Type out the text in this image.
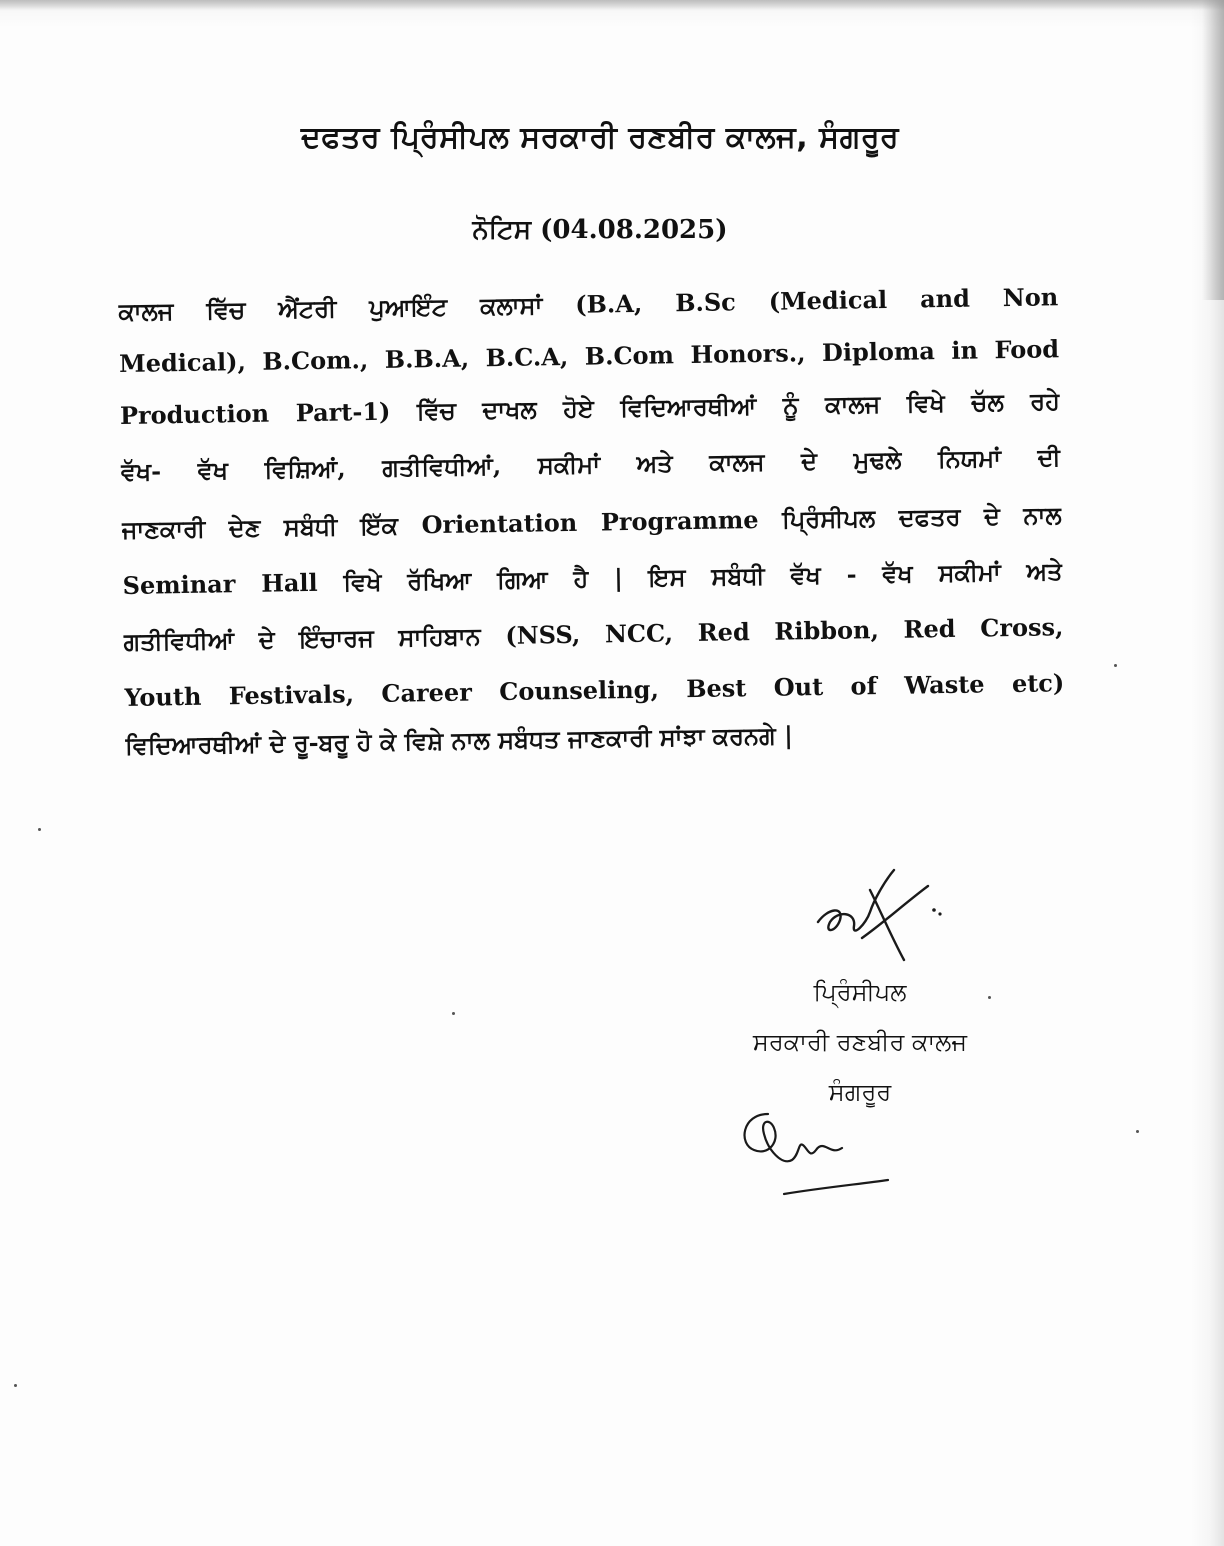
ਦਫਤਰ ਪ੍ਰਿੰਸੀਪਲ ਸਰਕਾਰੀ ਰਣਬੀਰ ਕਾਲਜ, ਸੰਗਰੂਰ
ਨੋਟਿਸ (04.08.2025)
ਕਾਲਜ ਵਿੱਚ ਐਂਟਰੀ ਪੁਆਇੰਟ ਕਲਾਸਾਂ (B.A, B.Sc (Medical and Non
Medical), B.Com., B.B.A, B.C.A, B.Com Honors., Diploma in Food
Production Part-1) ਵਿੱਚ ਦਾਖਲ ਹੋਏ ਵਿਦਿਆਰਥੀਆਂ ਨੂੰ ਕਾਲਜ ਵਿਖੇ ਚੱਲ ਰਹੇ
ਵੱਖ- ਵੱਖ ਵਿਸ਼ਿਆਂ, ਗਤੀਵਿਧੀਆਂ, ਸਕੀਮਾਂ ਅਤੇ ਕਾਲਜ ਦੇ ਮੁਢਲੇ ਨਿਯਮਾਂ ਦੀ
ਜਾਣਕਾਰੀ ਦੇਣ ਸਬੰਧੀ ਇੱਕ Orientation Programme ਪ੍ਰਿੰਸੀਪਲ ਦਫਤਰ ਦੇ ਨਾਲ
Seminar Hall ਵਿਖੇ ਰੱਖਿਆ ਗਿਆ ਹੈ | ਇਸ ਸਬੰਧੀ ਵੱਖ - ਵੱਖ ਸਕੀਮਾਂ ਅਤੇ
ਗਤੀਵਿਧੀਆਂ ਦੇ ਇੰਚਾਰਜ ਸਾਹਿਬਾਨ (NSS, NCC, Red Ribbon, Red Cross,
Youth Festivals, Career Counseling, Best Out of Waste etc)
ਵਿਦਿਆਰਥੀਆਂ ਦੇ ਰੂ-ਬਰੂ ਹੋ ਕੇ ਵਿਸ਼ੇ ਨਾਲ ਸਬੰਧਤ ਜਾਣਕਾਰੀ ਸਾਂਝਾ ਕਰਨਗੇ |
ਪ੍ਰਿੰਸੀਪਲ
ਸਰਕਾਰੀ ਰਣਬੀਰ ਕਾਲਜ
ਸੰਗਰੂਰ
